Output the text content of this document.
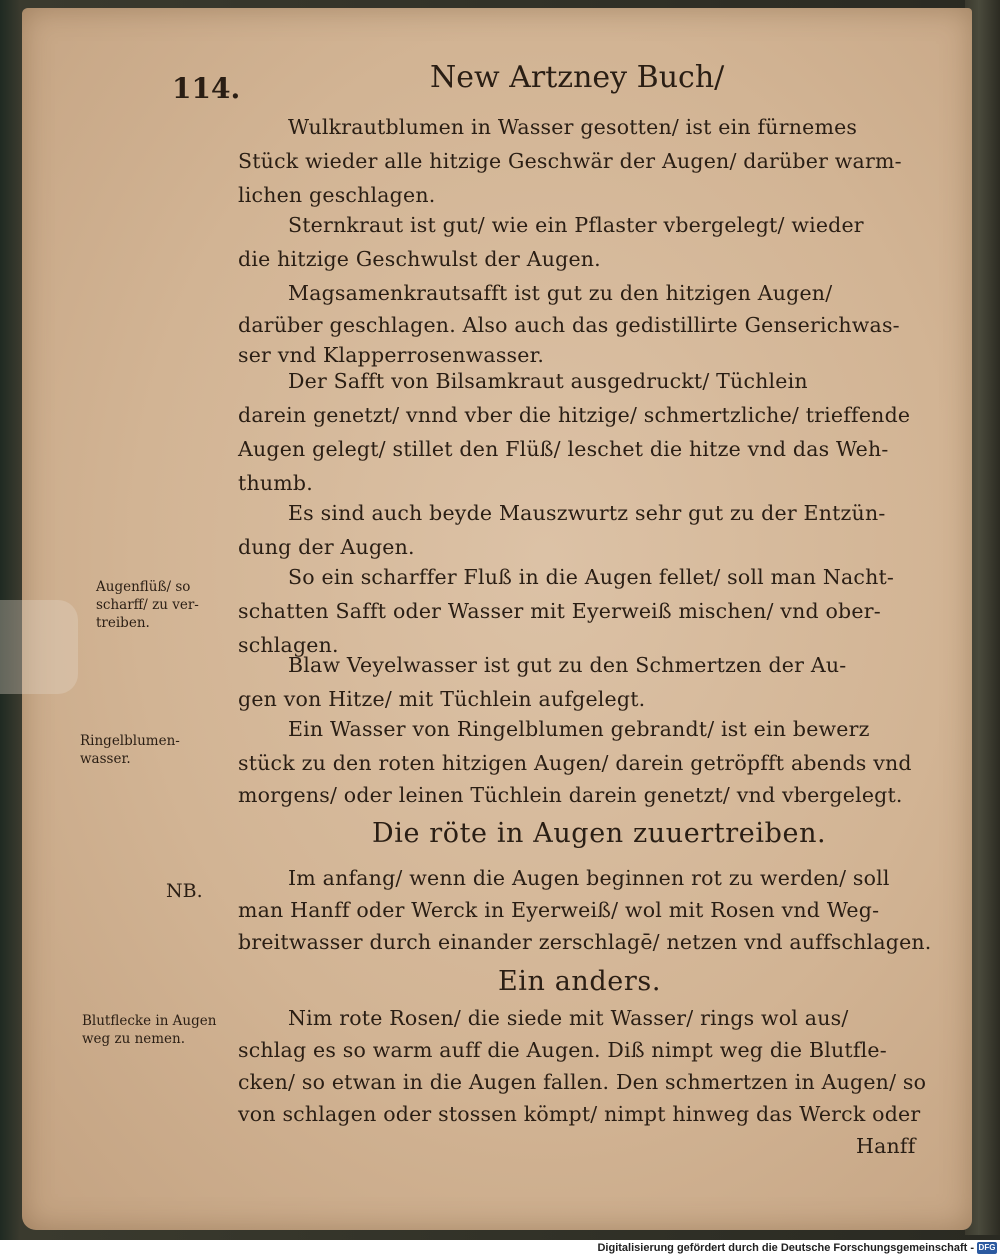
114.	New Artzney Buch/
Wulkrautblumen in Wasser gesotten/ ist ein fürnemes
Stück wieder alle hitzige Geschwär der Augen/ darüber warm-
lichen geschlagen.
Sternkraut ist gut/ wie ein Pflaster vbergelegt/ wieder
die hitzige Geschwulst der Augen.
Magsamenkrautsafft ist gut zu den hitzigen Augen/
darüber geschlagen. Also auch das gedistillirte Genserichwas-
ser vnd Klapperrosenwasser.
Der Safft von Bilsamkraut ausgedruckt/ Tüchlein
darein genetzt/ vnnd vber die hitzige/ schmertzliche/ trieffende
Augen gelegt/ stillet den Flüß/ leschet die hitze vnd das Weh-
thumb.
Es sind auch beyde Mauszwurtz sehr gut zu der Entzün-
dung der Augen.
So ein scharffer Fluß in die Augen fellet/ soll man Nacht-
schatten Safft oder Wasser mit Eyerweiß mischen/ vnd ober-
schlagen.
Blaw Veyelwasser ist gut zu den Schmertzen der Au-
gen von Hitze/ mit Tüchlein aufgelegt.
Ein Wasser von Ringelblumen gebrandt/ ist ein bewerz
stück zu den roten hitzigen Augen/ darein getröpfft abends vnd
morgens/ oder leinen Tüchlein darein genetzt/ vnd vbergelegt.
Die röte in Augen zuuertreiben.
Im anfang/ wenn die Augen beginnen rot zu werden/ soll
man Hanff oder Werck in Eyerweiß/ wol mit Rosen vnd Weg-
breitwasser durch einander zerschlagē/ netzen vnd auffschlagen.
Ein anders.
Nim rote Rosen/ die siede mit Wasser/ rings wol aus/
schlag es so warm auff die Augen. Diß nimpt weg die Blutfle-
cken/ so etwan in die Augen fallen. Den schmertzen in Augen/ so
von schlagen oder stossen kömpt/ nimpt hinweg das Werck oder
Hanff
Augenflüß/ so scharff/ zu ver-treiben.
Ringelblumen-wasser.
NB.
Blutflecke in Augen weg zu nemen.
Digitalisierung gefördert durch die Deutsche Forschungsgemeinschaft - DFG
